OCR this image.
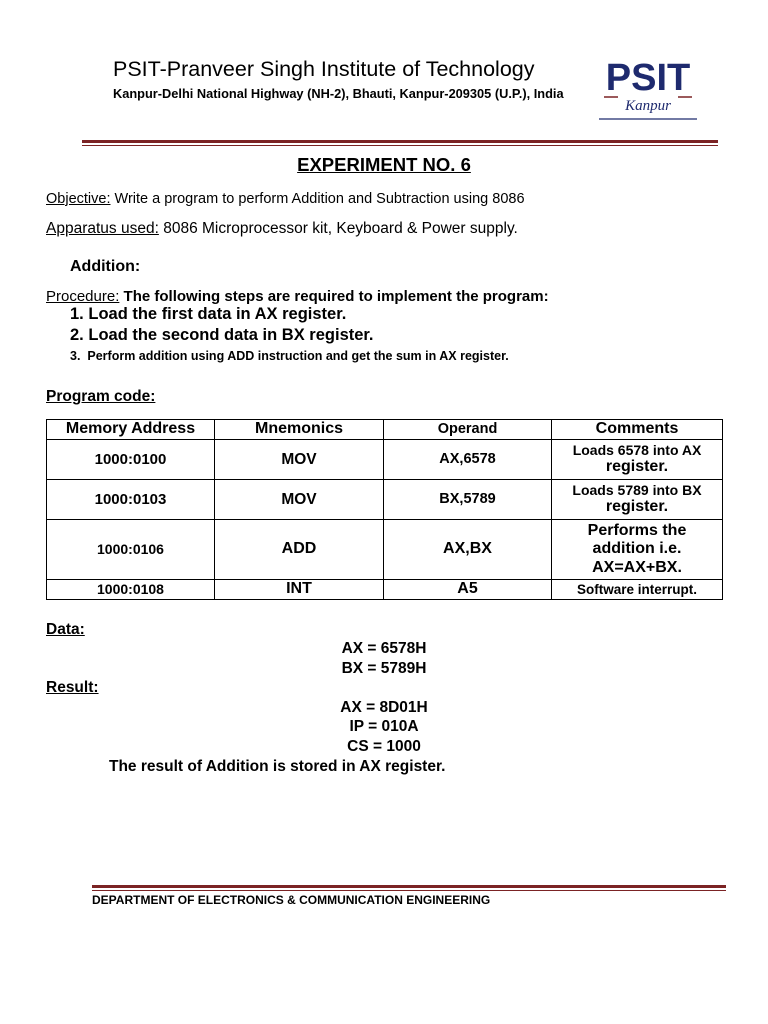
PSIT-Pranveer Singh Institute of Technology
Kanpur-Delhi National Highway (NH-2), Bhauti, Kanpur-209305 (U.P.), India PSIT
Kanpur
EXPERIMENT NO. 6
Objective: Write a program to perform Addition and Subtraction using 8086
Apparatus used: 8086 Microprocessor kit, Keyboard & Power supply.
Addition:
Procedure: The following steps are required to implement the program:
1. Load the first data in AX register.
2. Load the second data in BX register.
3. Perform addition using ADD instruction and get the sum in AX register.
Program code:
Memory Address	Mnemonics	Operand	Comments
1000:0100	MOV	AX,6578	Loads 6578 into AX
register.

1000:0103	MOV	BX,5789	Loads 5789 into BX
register.

1000:0106	ADD	AX,BX	Performs the
addition i.e.
AX=AX+BX.

1000:0108	INT	A5	Software interrupt.
Data:
AX = 6578H
BX = 5789H
Result:
AX = 8D01H
IP = 010A
CS = 1000
The result of Addition is stored in AX register.
DEPARTMENT OF ELECTRONICS & COMMUNICATION ENGINEERING
